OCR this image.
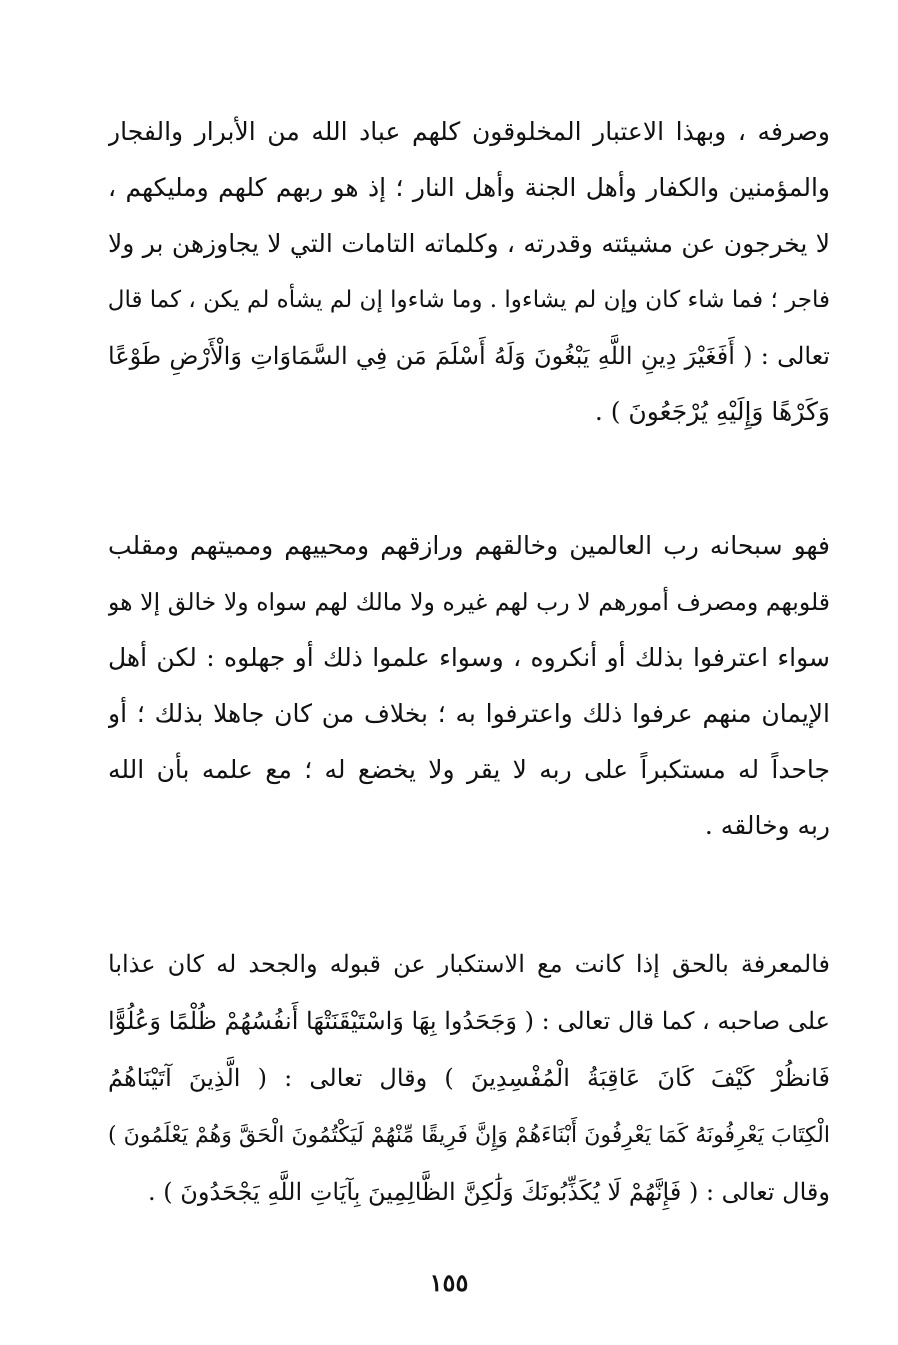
وصرفه ، وبهذا الاعتبار المخلوقون كلهم عباد الله من الأبرار والفجار
والمؤمنين والكفار وأهل الجنة وأهل النار ؛ إذ هو ربهم كلهم ومليكهم ،
لا يخرجون عن مشيئته وقدرته ، وكلماته التامات التي لا يجاوزهن بر ولا
فاجر ؛ فما شاء كان وإن لم يشاءوا . وما شاءوا إن لم يشأه لم يكن ، كما قال
تعالى : ( أَفَغَيْرَ دِينِ اللَّهِ يَبْغُونَ وَلَهُ أَسْلَمَ مَن فِي السَّمَاوَاتِ وَالْأَرْضِ طَوْعًا
وَكَرْهًا وَإِلَيْهِ يُرْجَعُونَ ) .
فهو سبحانه رب العالمين وخالقهم ورازقهم ومحييهم ومميتهم ومقلب
قلوبهم ومصرف أمورهم لا رب لهم غيره ولا مالك لهم سواه ولا خالق إلا هو
سواء اعترفوا بذلك أو أنكروه ، وسواء علموا ذلك أو جهلوه : لكن أهل
الإيمان منهم عرفوا ذلك واعترفوا به ؛ بخلاف من كان جاهلا بذلك ؛ أو
جاحداً له مستكبراً على ربه لا يقر ولا يخضع له ؛ مع علمه بأن الله
ربه وخالقه .
فالمعرفة بالحق إذا كانت مع الاستكبار عن قبوله والجحد له كان عذابا
على صاحبه ، كما قال تعالى : ( وَجَحَدُوا بِهَا وَاسْتَيْقَنَتْهَا أَنفُسُهُمْ ظُلْمًا وَعُلُوًّا
فَانظُرْ كَيْفَ كَانَ عَاقِبَةُ الْمُفْسِدِينَ ) وقال تعالى : ( الَّذِينَ آتَيْنَاهُمُ
الْكِتَابَ يَعْرِفُونَهُ كَمَا يَعْرِفُونَ أَبْنَاءَهُمْ وَإِنَّ فَرِيقًا مِّنْهُمْ لَيَكْتُمُونَ الْحَقَّ وَهُمْ يَعْلَمُونَ )
وقال تعالى : ( فَإِنَّهُمْ لَا يُكَذِّبُونَكَ وَلَٰكِنَّ الظَّالِمِينَ بِآيَاتِ اللَّهِ يَجْحَدُونَ ) .
١٥٥
